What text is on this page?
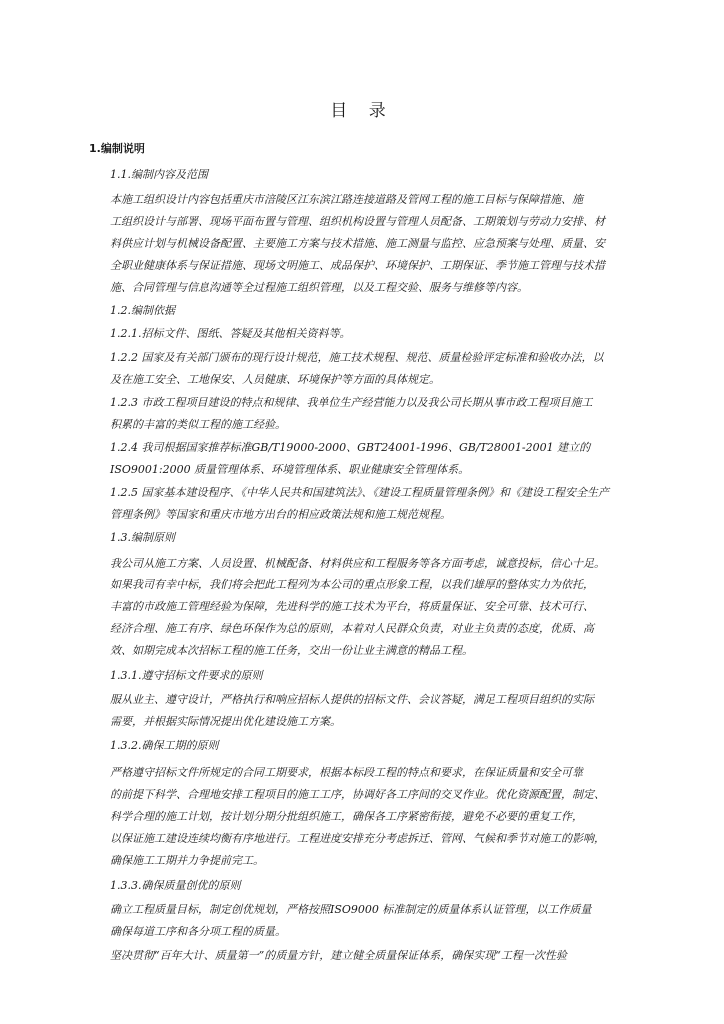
目 录
1.编制说明
1.1.编制内容及范围
本施工组织设计内容包括重庆市涪陵区江东滨江路连接道路及管网工程的施工目标与保障措施、施
工组织设计与部署、现场平面布置与管理、组织机构设置与管理人员配备、工期策划与劳动力安排、材
料供应计划与机械设备配置、主要施工方案与技术措施、施工测量与监控、应急预案与处理、质量、安
全职业健康体系与保证措施、现场文明施工、成品保护、环境保护、工期保证、季节施工管理与技术措
施、合同管理与信息沟通等全过程施工组织管理，以及工程交验、服务与维修等内容。
1.2.编制依据
1.2.1.招标文件、图纸、答疑及其他相关资料等。
1.2.2 国家及有关部门颁布的现行设计规范，施工技术规程、规范、质量检验评定标准和验收办法，以
及在施工安全、工地保安、人员健康、环境保护等方面的具体规定。
1.2.3 市政工程项目建设的特点和规律、我单位生产经营能力以及我公司长期从事市政工程项目施工
积累的丰富的类似工程的施工经验。
1.2.4 我司根据国家推荐标准GB/T19000-2000、GBT24001-1996、GB/T28001-2001 建立的
ISO9001:2000 质量管理体系、环境管理体系、职业健康安全管理体系。
1.2.5 国家基本建设程序、《中华人民共和国建筑法》、《建设工程质量管理条例》和《建设工程安全生产
管理条例》等国家和重庆市地方出台的相应政策法规和施工规范规程。
1.3.编制原则
我公司从施工方案、人员设置、机械配备、材料供应和工程服务等各方面考虑，诚意投标，信心十足。
如果我司有幸中标，我们将会把此工程列为本公司的重点形象工程，以我们雄厚的整体实力为依托，
丰富的市政施工管理经验为保障，先进科学的施工技术为平台，将质量保证、安全可靠、技术可行、
经济合理、施工有序、绿色环保作为总的原则，本着对人民群众负责，对业主负责的态度，优质、高
效、如期完成本次招标工程的施工任务，交出一份让业主满意的精品工程。
1.3.1.遵守招标文件要求的原则
服从业主、遵守设计，严格执行和响应招标人提供的招标文件、会议答疑，满足工程项目组织的实际
需要，并根据实际情况提出优化建设施工方案。
1.3.2.确保工期的原则
严格遵守招标文件所规定的合同工期要求，根据本标段工程的特点和要求，在保证质量和安全可靠
的前提下科学、合理地安排工程项目的施工工序，协调好各工序间的交叉作业。优化资源配置，制定、
科学合理的施工计划，按计划分期分批组织施工，确保各工序紧密衔接，避免不必要的重复工作，
以保证施工建设连续均衡有序地进行。工程进度安排充分考虑拆迁、管网、气候和季节对施工的影响，
确保施工工期并力争提前完工。
1.3.3.确保质量创优的原则
确立工程质量目标，制定创优规划，严格按照ISO9000 标准制定的质量体系认证管理，以工作质量
确保每道工序和各分项工程的质量。
坚决贯彻“百年大计、质量第一”的质量方针，建立健全质量保证体系，确保实现“工程一次性验
